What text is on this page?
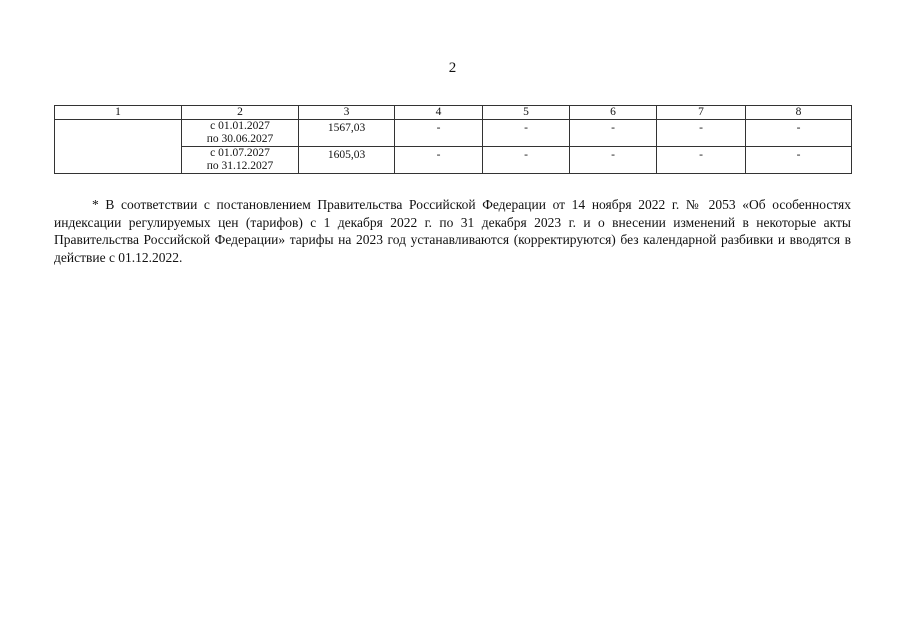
2
1	2	3	4	5	6	7	8

	с 01.01.2027
по 30.06.2027	1567,03	-	-	-	-	-

	с 01.07.2027
по 31.12.2027	1605,03	-	-	-	-	-

* В соответствии с постановлением Правительства Российской Федерации от 14 ноября 2022 г. № 2053 «Об особенностях индексации регулируемых цен (тарифов) с 1 декабря 2022 г. по 31 декабря 2023 г. и о внесении изменений в некоторые акты Правительства Российской Федерации» тарифы на 2023 год устанавливаются (корректируются) без календарной разбивки и вводятся в действие с 01.12.2022.
